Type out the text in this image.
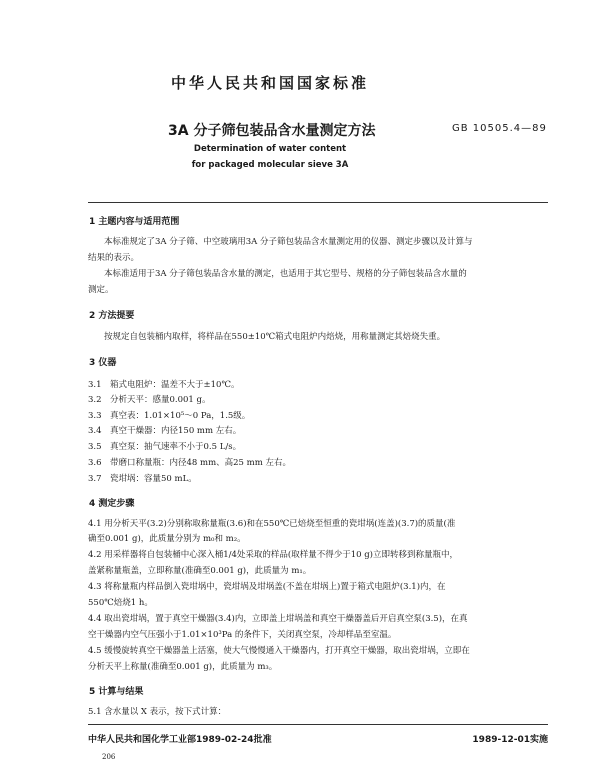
中华人民共和国国家标准
3A 分子筛包装品含水量测定方法	GB 10505.4—89
Determination of water content
for packaged molecular sieve 3A
1 主题内容与适用范围
本标准规定了3A 分子筛、中空玻璃用3A 分子筛包装品含水量测定用的仪器、测定步骤以及计算与
结果的表示。
本标准适用于3A 分子筛包装品含水量的测定，也适用于其它型号、规格的分子筛包装品含水量的
测定。
2 方法提要
按规定自包装桶内取样，将样品在550±10℃箱式电阻炉内焙烧，用称量测定其焙烧失重。
3 仪器
3.1 箱式电阻炉：温差不大于±10℃。
3.2 分析天平：感量0.001 g。
3.3 真空表：1.01×10⁵～0 Pa，1.5级。
3.4 真空干燥器：内径150 mm 左右。
3.5 真空泵：抽气速率不小于0.5 L/s。
3.6 带磨口称量瓶：内径48 mm、高25 mm 左右。
3.7 瓷坩埚：容量50 mL。
4 测定步骤
4.1 用分析天平(3.2)分别称取称量瓶(3.6)和在550℃已焙烧至恒重的瓷坩埚(连盖)(3.7)的质量(准
确至0.001 g)，此质量分别为 m₀和 m₂。
4.2 用采样器将自包装桶中心深入桶1/4处采取的样品(取样量不得少于10 g)立即转移到称量瓶中，
盖紧称量瓶盖，立即称量(准确至0.001 g)，此质量为 m₁。
4.3 将称量瓶内样品倒入瓷坩埚中，瓷坩埚及坩埚盖(不盖在坩埚上)置于箱式电阻炉(3.1)内，在
550℃焙烧1 h。
4.4 取出瓷坩埚，置于真空干燥器(3.4)内，立即盖上坩埚盖和真空干燥器盖后开启真空泵(3.5)，在真
空干燥器内空气压强小于1.01×10³Pa 的条件下，关闭真空泵，冷却样品至室温。
4.5 缓慢旋转真空干燥器盖上活塞，使大气慢慢通入干燥器内，打开真空干燥器，取出瓷坩埚，立即在
分析天平上称量(准确至0.001 g)，此质量为 m₃。
5 计算与结果
5.1 含水量以 X 表示，按下式计算：
中华人民共和国化学工业部1989-02-24批准	1989-12-01实施
206
